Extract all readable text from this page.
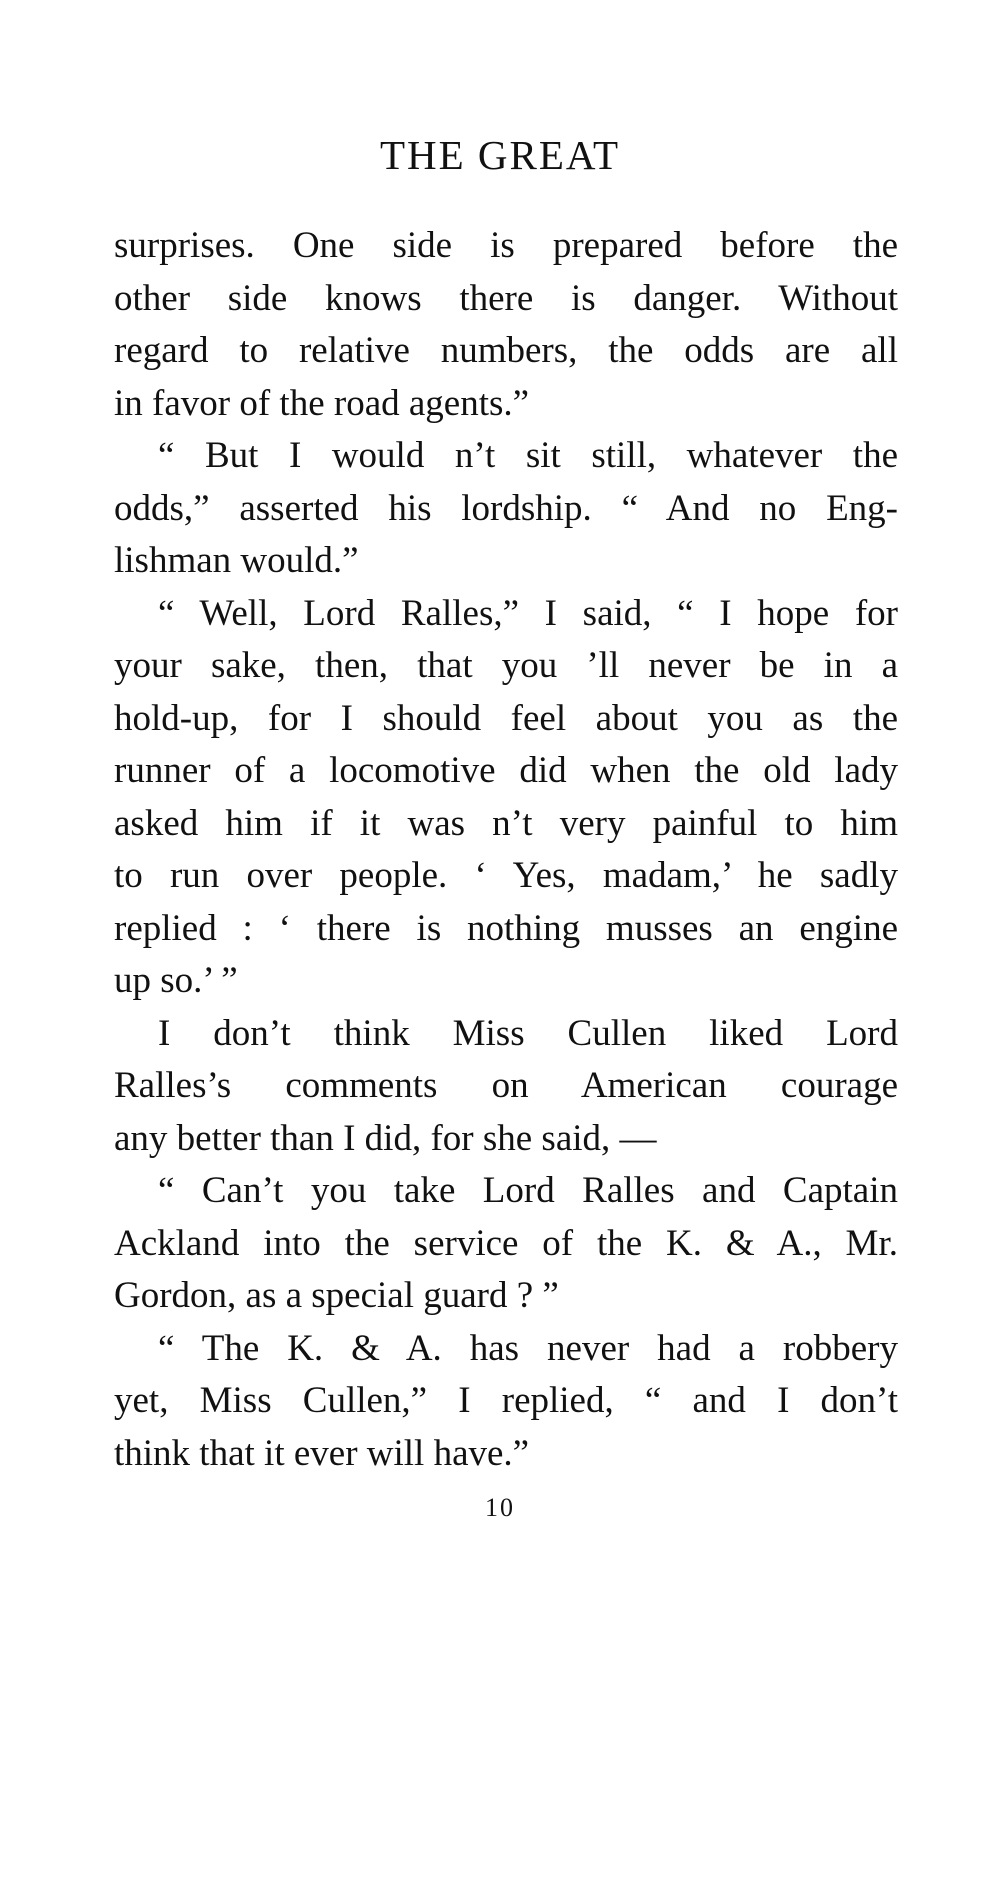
THE GREAT
surprises. One side is prepared before the
other side knows there is danger. Without
regard to relative numbers, the odds are all
in favor of the road agents.”
“ But I would n’t sit still, whatever the
odds,” asserted his lordship. “ And no Eng-
lishman would.”
“ Well, Lord Ralles,” I said, “ I hope for
your sake, then, that you ’ll never be in a
hold-up, for I should feel about you as the
runner of a locomotive did when the old lady
asked him if it was n’t very painful to him
to run over people. ‘ Yes, madam,’ he sadly
replied : ‘ there is nothing musses an engine
up so.’ ”
I don’t think Miss Cullen liked Lord
Ralles’s comments on American courage
any better than I did, for she said, —
“ Can’t you take Lord Ralles and Captain
Ackland into the service of the K. & A., Mr.
Gordon, as a special guard ? ”
“ The K. & A. has never had a robbery
yet, Miss Cullen,” I replied, “ and I don’t
think that it ever will have.”
10
